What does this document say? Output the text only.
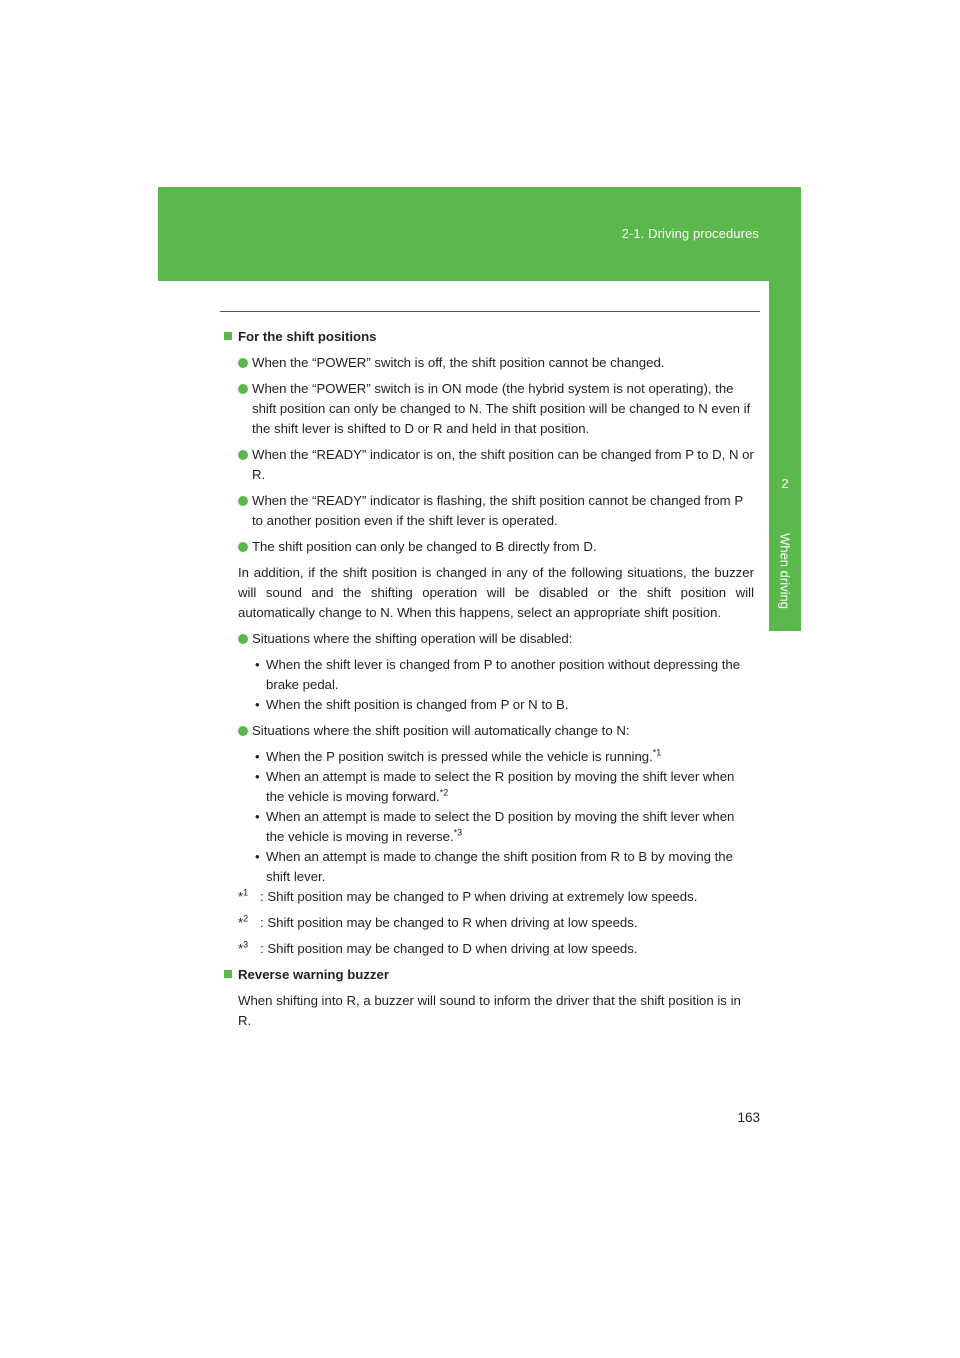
2-1. Driving procedures
2
When driving

For the shift positions

When the “POWER” switch is off, the shift position cannot be changed.

When the “POWER” switch is in ON mode (the hybrid system is not operating), the shift position can only be changed to N. The shift position will be changed to N even if the shift lever is shifted to D or R and held in that position.

When the “READY” indicator is on, the shift position can be changed from P to D, N or R.

When the “READY” indicator is flashing, the shift position cannot be changed from P to another position even if the shift lever is operated.

The shift position can only be changed to B directly from D.

In addition, if the shift position is changed in any of the following situations, the buzzer will sound and the shifting operation will be disabled or the shift position will automatically change to N. When this happens, select an appropriate shift position.

Situations where the shifting operation will be disabled:

• When the shift lever is changed from P to another position without depressing the brake pedal.

• When the shift position is changed from P or N to B.

Situations where the shift position will automatically change to N:

• When the P position switch is pressed while the vehicle is running.$^{*1}$

• When an attempt is made to select the R position by moving the shift lever when the vehicle is moving forward.$^{*2}$

• When an attempt is made to select the D position by moving the shift lever when the vehicle is moving in reverse.$^{*3}$

• When an attempt is made to change the shift position from R to B by moving the shift lever.

*$^1$ : Shift position may be changed to P when driving at extremely low speeds.

*$^2$ : Shift position may be changed to R when driving at low speeds.

*$^3$ : Shift position may be changed to D when driving at low speeds.

Reverse warning buzzer

When shifting into R, a buzzer will sound to inform the driver that the shift position is in R.

163
